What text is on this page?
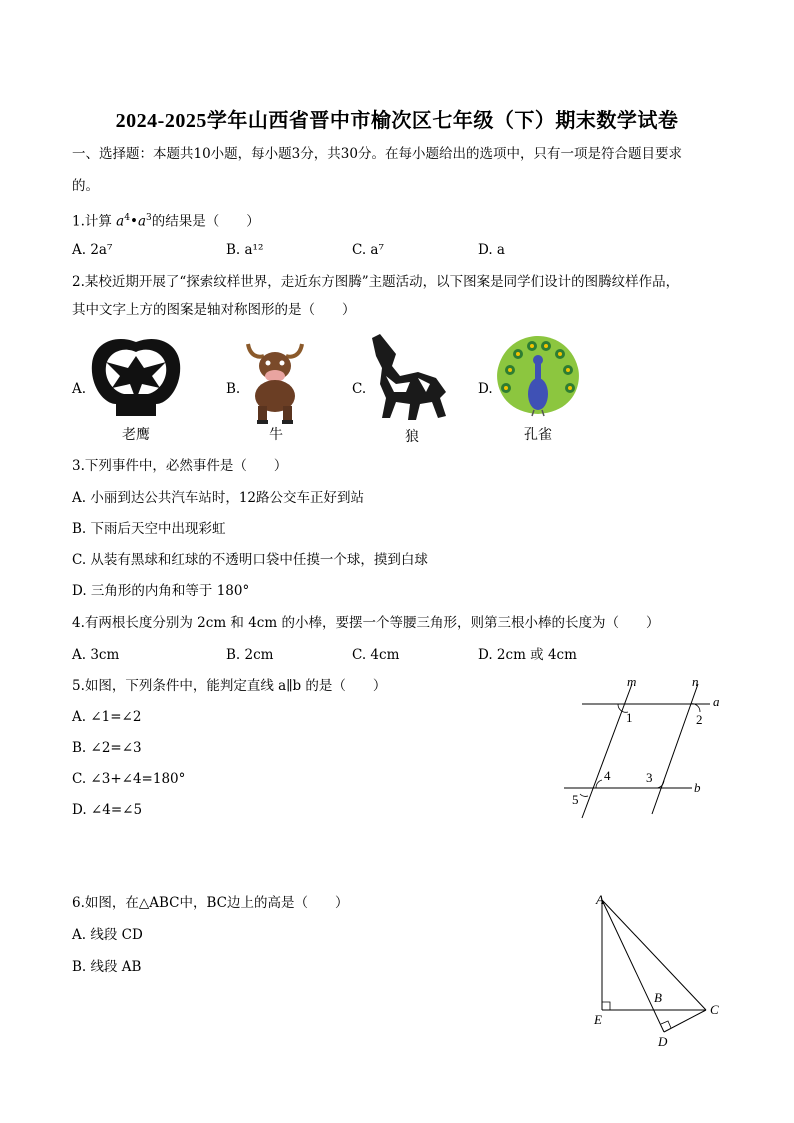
2024-2025学年山西省晋中市榆次区七年级（下）期末数学试卷
一、选择题：本题共10小题，每小题3分，共30分。在每小题给出的选项中，只有一项是符合题目要求
的。
1.计算 $a^4•a^3$的结果是（　　）
A. 2a⁷	B. a¹²	C. a⁷	D. a
2.某校近期开展了“探索纹样世界，走近东方图腾”主题活动，以下图案是同学们设计的图腾纹样作品，
其中文字上方的图案是轴对称图形的是（　　）
A.
老鹰
B.
牛
C.
狼
D.
孔雀
3.下列事件中，必然事件是（　　）
A. 小丽到达公共汽车站时，12路公交车正好到站
B. 下雨后天空中出现彩虹
C. 从装有黑球和红球的不透明口袋中任摸一个球，摸到白球
D. 三角形的内角和等于 180°
4.有两根长度分别为 2cm 和 4cm 的小棒，要摆一个等腰三角形，则第三根小棒的长度为（　　）
A. 3cm	B. 2cm	C. 4cm	D. 2cm 或 4cm
5.如图，下列条件中，能判定直线 a∥b 的是（　　）
A. ∠1=∠2
B. ∠2=∠3
C. ∠3+∠4=180°
D. ∠4=∠5
m	n
a
b
1	2
3
4
5
6.如图，在△ABC中，BC边上的高是（　　）
A. 线段 CD
B. 线段 AB
A
B
C
D
E
